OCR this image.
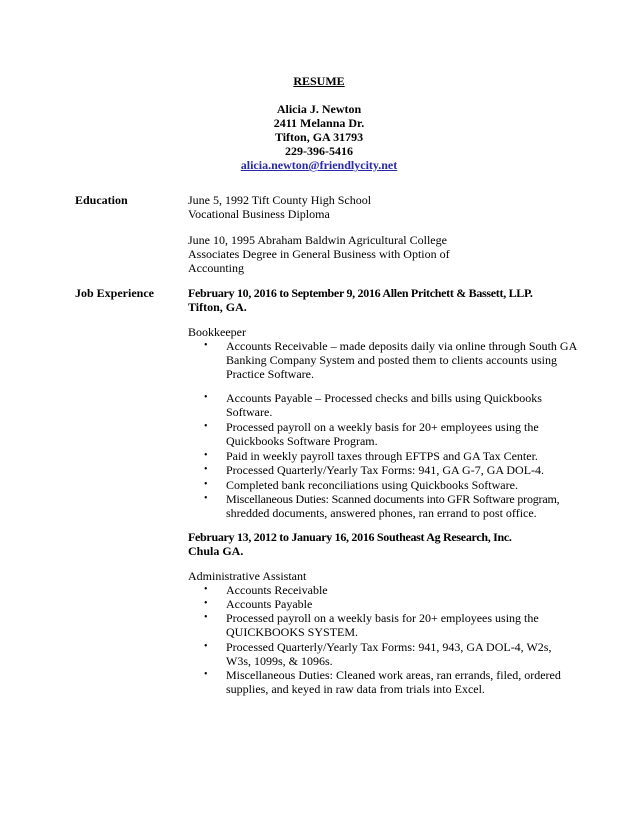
RESUME
Alicia J. Newton
2411 Melanna Dr.
Tifton, GA 31793
229-396-5416
alicia.newton@friendlycity.net
Education	June 5, 1992 Tift County High School
Vocational Business Diploma
June 10, 1995 Abraham Baldwin Agricultural College
Associates Degree in General Business with Option of
Accounting
Job Experience	February 10, 2016 to September 9, 2016 Allen Pritchett & Bassett, LLP.
Tifton, GA.
Bookkeeper
• Accounts Receivable – made deposits daily via online through South GA
Banking Company System and posted them to clients accounts using
Practice Software.
• Accounts Payable – Processed checks and bills using Quickbooks
Software.
• Processed payroll on a weekly basis for 20+ employees using the
Quickbooks Software Program.
• Paid in weekly payroll taxes through EFTPS and GA Tax Center.
• Processed Quarterly/Yearly Tax Forms: 941, GA G-7, GA DOL-4.
• Completed bank reconciliations using Quickbooks Software.
• Miscellaneous Duties: Scanned documents into GFR Software program,
shredded documents, answered phones, ran errand to post office.
February 13, 2012 to January 16, 2016 Southeast Ag Research, Inc.
Chula GA.
Administrative Assistant
• Accounts Receivable
• Accounts Payable
• Processed payroll on a weekly basis for 20+ employees using the
QUICKBOOKS SYSTEM.
• Processed Quarterly/Yearly Tax Forms: 941, 943, GA DOL-4, W2s,
W3s, 1099s, & 1096s.
• Miscellaneous Duties: Cleaned work areas, ran errands, filed, ordered
supplies, and keyed in raw data from trials into Excel.
